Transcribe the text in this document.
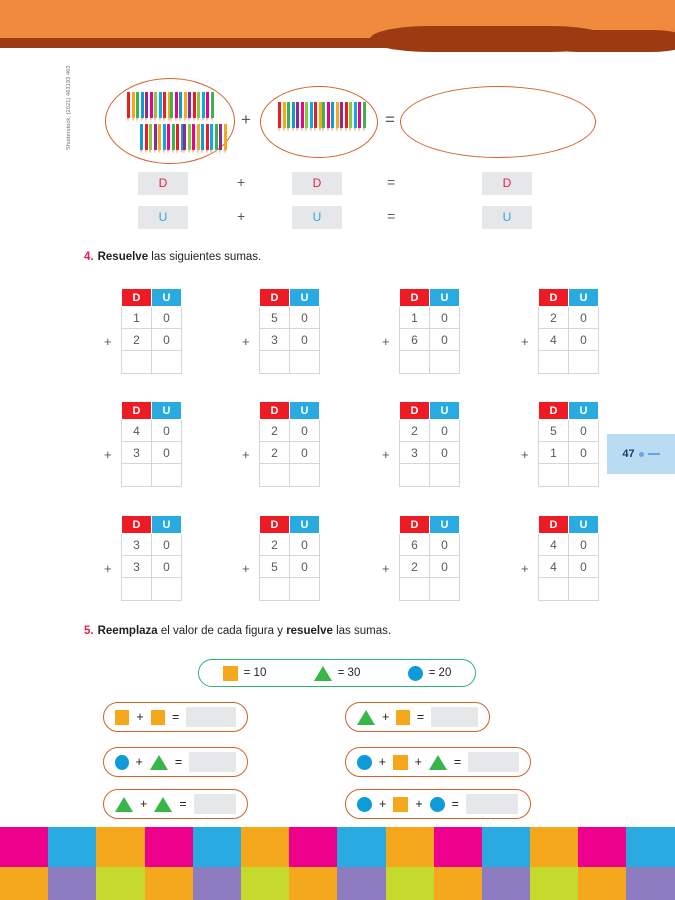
Shutterstock, (2021) 463193 463	+	=
D	+	D	=	D
U	+	U	=	U
4. Resuelve las siguientes sumas.
+
D	U
1	0
2	0
		+
D	U
5	0
3	0
		+
D	U
1	0
6	0
		+
D	U
2	0
4	0

+
D	U
4	0
3	0
		+
D	U
2	0
2	0
		+
D	U
2	0
3	0
		+
D	U
5	0
1	0

+
D	U
3	0
3	0
		+
D	U
2	0
5	0
		+
D	U
6	0
2	0
		+
D	U
4	0
4	0

47
5. Reemplaza el valor de cada figura y resuelve las sumas.
= 10	= 30	= 20
+ =	+ =
+	=	+ +	=
+	=	+ + =
